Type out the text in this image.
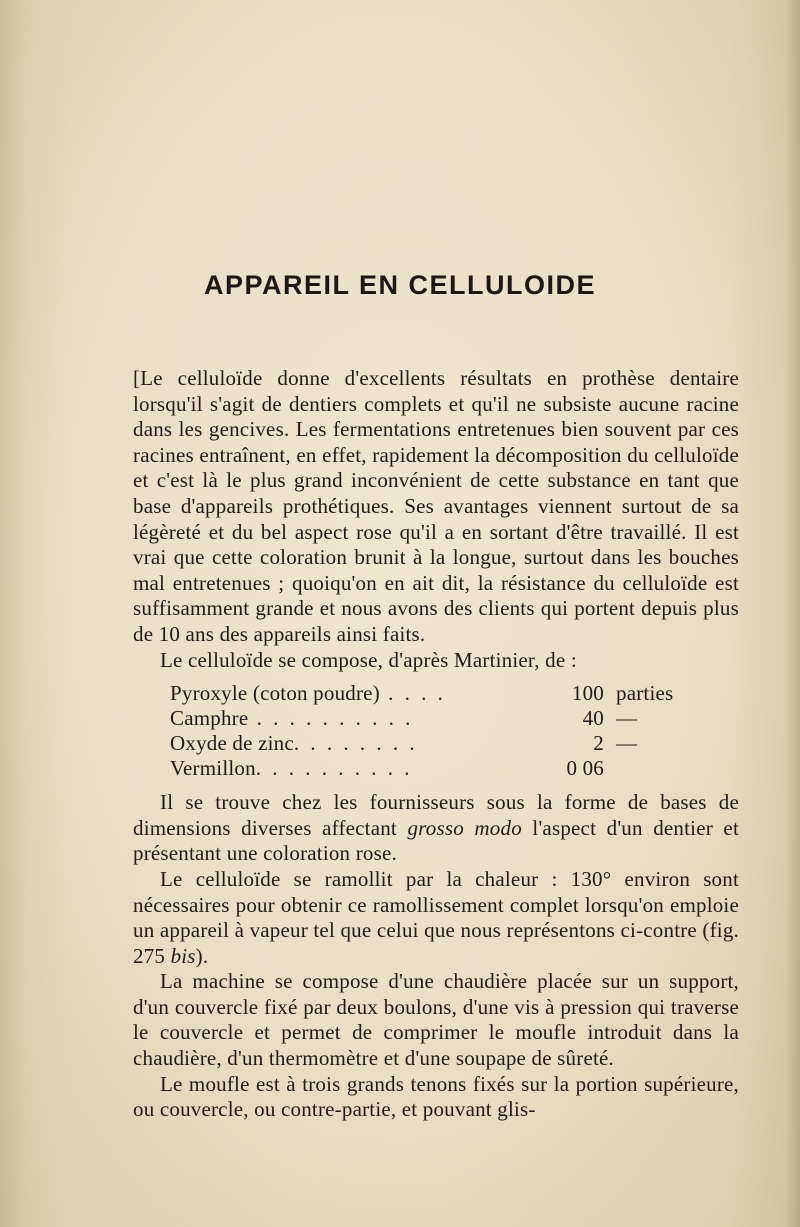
APPAREIL EN CELLULOIDE

[Le celluloïde donne d'excellents résultats en prothèse dentaire lorsqu'il s'agit de dentiers complets et qu'il ne subsiste aucune racine dans les gencives. Les fermentations entretenues bien souvent par ces racines entraînent, en effet, rapidement la décomposition du celluloïde et c'est là le plus grand inconvénient de cette substance en tant que base d'appareils prothétiques. Ses avantages viennent surtout de sa légèreté et du bel aspect rose qu'il a en sortant d'être travaillé. Il est vrai que cette coloration brunit à la longue, surtout dans les bouches mal entretenues ; quoiqu'on en ait dit, la résistance du celluloïde est suffisamment grande et nous avons des clients qui portent depuis plus de 10 ans des appareils ainsi faits.

Le celluloïde se compose, d'après Martinier, de :

Pyroxyle (coton poudre) . . . .	100 parties
Camphre . . . . . . . . . .	40 —
Oxyde de zinc. . . . . . . .	2 —
Vermillon. . . . . . . . . .	0 06

Il se trouve chez les fournisseurs sous la forme de bases de dimensions diverses affectant grosso modo l'aspect d'un dentier et présentant une coloration rose.

Le celluloïde se ramollit par la chaleur : 130° environ sont nécessaires pour obtenir ce ramollissement complet lorsqu'on emploie un appareil à vapeur tel que celui que nous représentons ci-contre (fig. 275 bis).

La machine se compose d'une chaudière placée sur un support, d'un couvercle fixé par deux boulons, d'une vis à pression qui traverse le couvercle et permet de comprimer le moufle introduit dans la chaudière, d'un thermomètre et d'une soupape de sûreté.

Le moufle est à trois grands tenons fixés sur la portion supérieure, ou couvercle, ou contre-partie, et pouvant glis-
